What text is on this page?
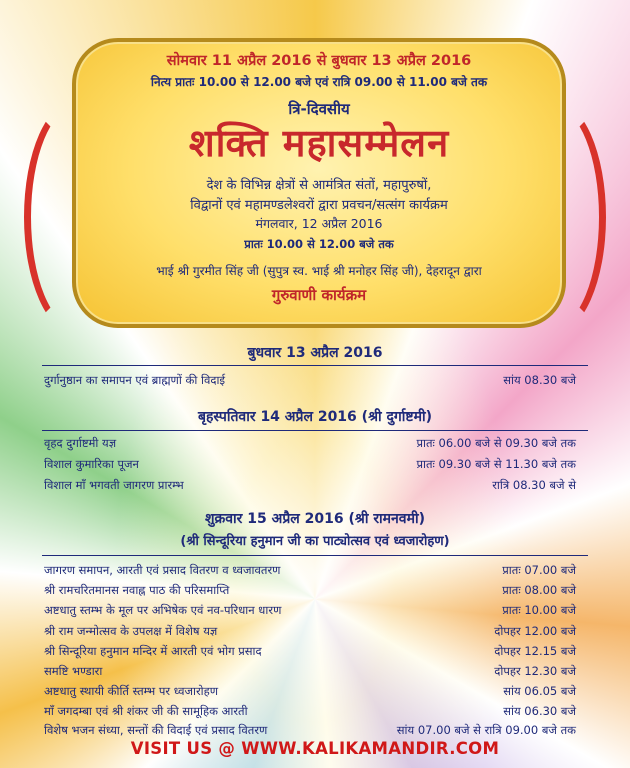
सोमवार 11 अप्रैल 2016 से बुधवार 13 अप्रैल 2016
नित्य प्रातः 10.00 से 12.00 बजे एवं रात्रि 09.00 से 11.00 बजे तक
त्रि-दिवसीय
शक्ति महासम्मेलन
देश के विभिन्न क्षेत्रों से आमंत्रित संतों, महापुरुषों,
विद्वानों एवं महामण्डलेश्वरों द्वारा प्रवचन/सत्संग कार्यक्रम
मंगलवार, 12 अप्रैल 2016
प्रातः 10.00 से 12.00 बजे तक
भाई श्री गुरमीत सिंह जी (सुपुत्र स्व. भाई श्री मनोहर सिंह जी), देहरादून द्वारा
गुरुवाणी कार्यक्रम
बुधवार 13 अप्रैल 2016
दुर्गानुष्ठान का समापन एवं ब्राह्मणों की विदाई	सांय 08.30 बजे
बृहस्पतिवार 14 अप्रैल 2016 (श्री दुर्गाष्टमी)
वृहद दुर्गाष्टमी यज्ञ	प्रातः 06.00 बजे से 09.30 बजे तक
विशाल कुमारिका पूजन	प्रातः 09.30 बजे से 11.30 बजे तक
विशाल माँ भगवती जागरण प्रारम्भ	रात्रि 08.30 बजे से
शुक्रवार 15 अप्रैल 2016 (श्री रामनवमी)
(श्री सिन्दूरिया हनुमान जी का पाट्योत्सव एवं ध्वजारोहण)
जागरण समापन, आरती एवं प्रसाद वितरण व ध्वजावतरण	प्रातः 07.00 बजे
श्री रामचरितमानस नवाह्न पाठ की परिसमाप्ति	प्रातः 08.00 बजे
अष्टधातु स्तम्भ के मूल पर अभिषेक एवं नव-परिधान धारण	प्रातः 10.00 बजे
श्री राम जन्मोत्सव के उपलक्ष में विशेष यज्ञ	दोपहर 12.00 बजे
श्री सिन्दूरिया हनुमान मन्दिर में आरती एवं भोग प्रसाद	दोपहर 12.15 बजे
समष्टि भण्डारा	दोपहर 12.30 बजे
अष्टधातु स्थायी कीर्ति स्तम्भ पर ध्वजारोहण	सांय 06.05 बजे
माँ जगदम्बा एवं श्री शंकर जी की सामूहिक आरती	सांय 06.30 बजे
विशेष भजन संध्या, सन्तों की विदाई एवं प्रसाद वितरण	सांय 07.00 बजे से रात्रि 09.00 बजे तक
VISIT US @ WWW.KALIKAMANDIR.COM
